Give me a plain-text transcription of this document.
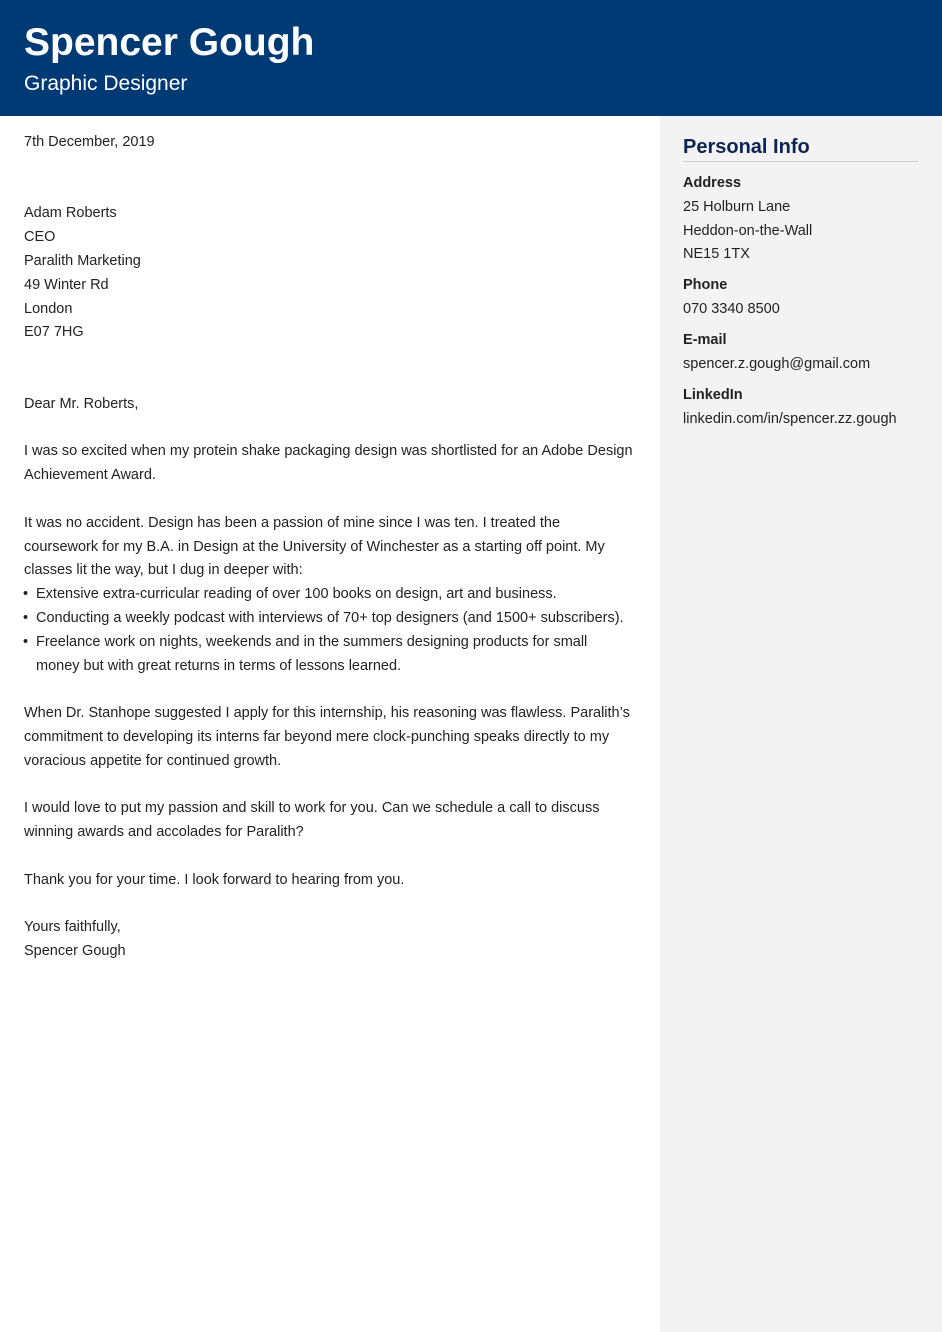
Spencer Gough
Graphic Designer
Personal Info
Address
25 Holburn Lane
Heddon-on-the-Wall
NE15 1TX
Phone
070 3340 8500
E-mail
spencer.z.gough@gmail.com
LinkedIn
linkedin.com/in/spencer.zz.gough

7th December, 2019

Adam Roberts

CEO

Paralith Marketing

49 Winter Rd

London

E07 7HG

Dear Mr. Roberts,

I was so excited when my protein shake packaging design was shortlisted for an Adobe Design Achievement Award.

It was no accident. Design has been a passion of mine since I was ten. I treated the coursework for my B.A. in Design at the University of Winchester as a starting off point. My classes lit the way, but I dug in deeper with:

• Extensive extra-curricular reading of over 100 books on design, art and business.
• Conducting a weekly podcast with interviews of 70+ top designers (and 1500+ subscribers).
• Freelance work on nights, weekends and in the summers designing products for small money but with great returns in terms of lessons learned.

When Dr. Stanhope suggested I apply for this internship, his reasoning was flawless. Paralith’s commitment to developing its interns far beyond mere clock-punching speaks directly to my voracious appetite for continued growth.

I would love to put my passion and skill to work for you. Can we schedule a call to discuss winning awards and accolades for Paralith?

Thank you for your time. I look forward to hearing from you.

Yours faithfully,

Spencer Gough
